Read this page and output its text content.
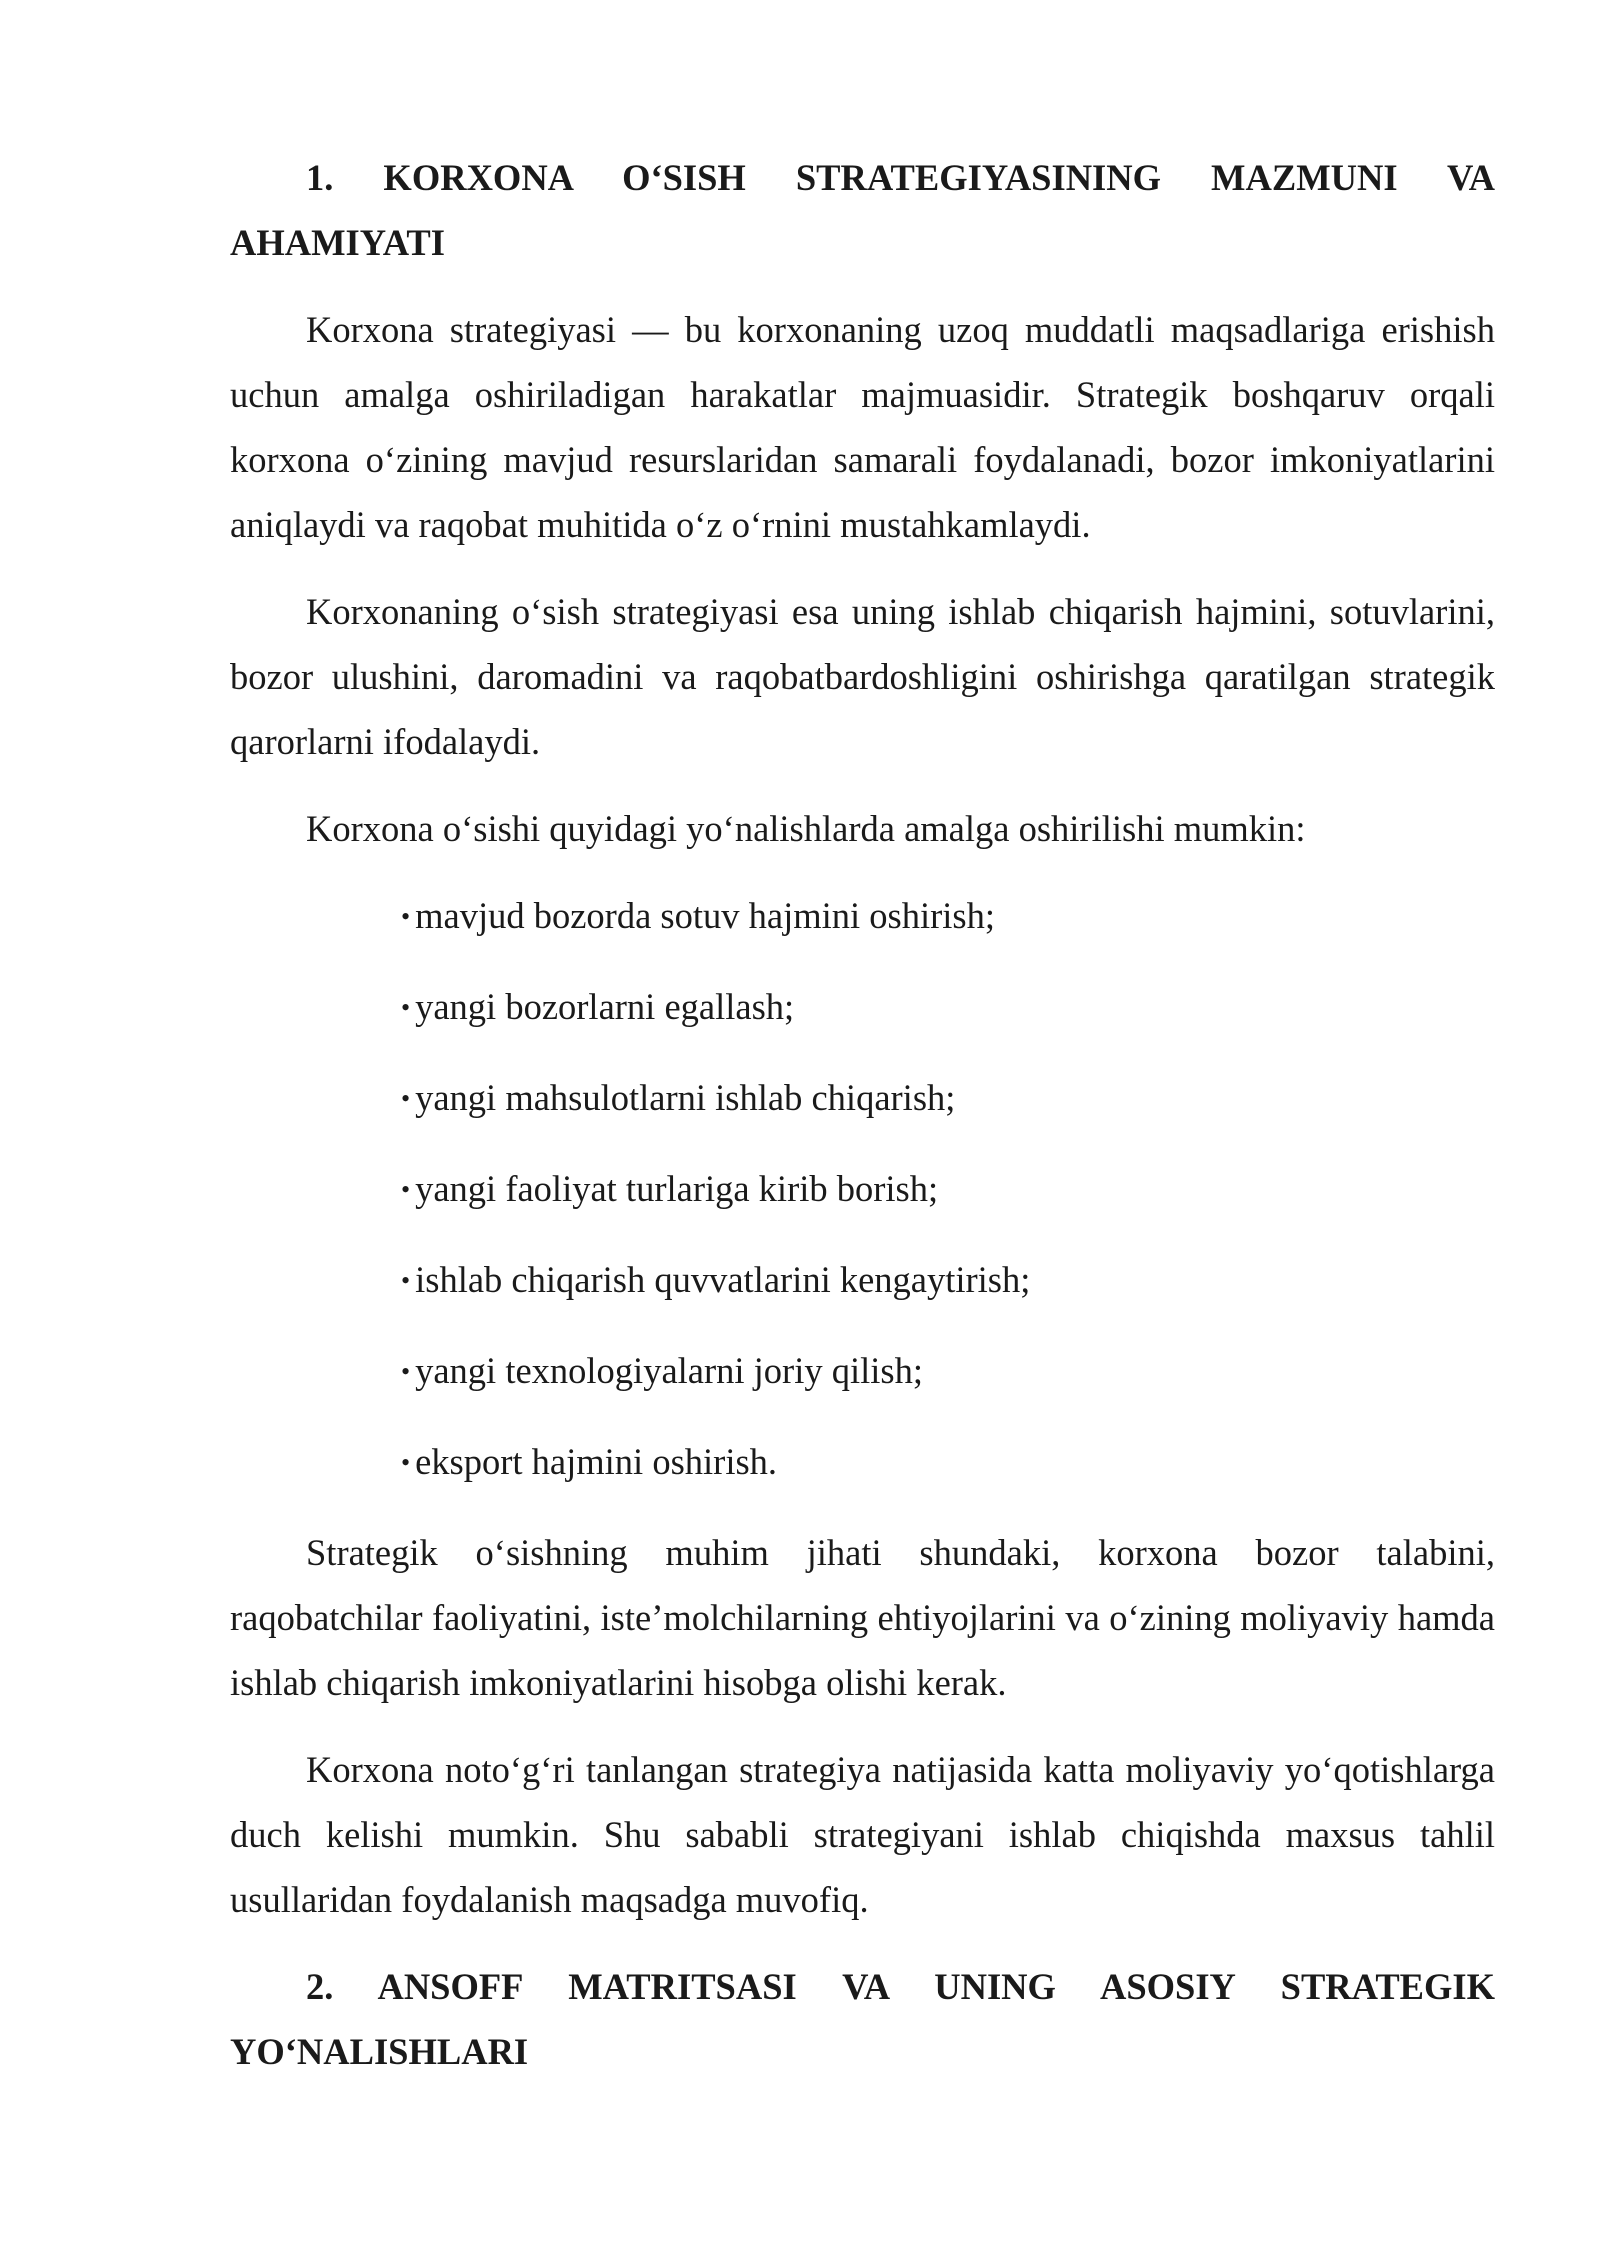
1. KORXONA O‘SISH STRATEGIYASINING MAZMUNI VA AHAMIYATI

Korxona strategiyasi — bu korxonaning uzoq muddatli maqsadlariga erishish uchun amalga oshiriladigan harakatlar majmuasidir. Strategik boshqaruv orqali korxona o‘zining mavjud resurslaridan samarali foydalanadi, bozor imkoniyatlarini aniqlaydi va raqobat muhitida o‘z o‘rnini mustahkamlaydi.

Korxonaning o‘sish strategiyasi esa uning ishlab chiqarish hajmini, sotuvlarini, bozor ulushini, daromadini va raqobatbardoshligini oshirishga qaratilgan strategik qarorlarni ifodalaydi.

Korxona o‘sishi quyidagi yo‘nalishlarda amalga oshirilishi mumkin:

• mavjud bozorda sotuv hajmini oshirish;
• yangi bozorlarni egallash;
• yangi mahsulotlarni ishlab chiqarish;
• yangi faoliyat turlariga kirib borish;
• ishlab chiqarish quvvatlarini kengaytirish;
• yangi texnologiyalarni joriy qilish;
• eksport hajmini oshirish.

Strategik o‘sishning muhim jihati shundaki, korxona bozor talabini, raqobatchilar faoliyatini, iste’molchilarning ehtiyojlarini va o‘zining moliyaviy hamda ishlab chiqarish imkoniyatlarini hisobga olishi kerak.

Korxona noto‘g‘ri tanlangan strategiya natijasida katta moliyaviy yo‘qotishlarga duch kelishi mumkin. Shu sababli strategiyani ishlab chiqishda maxsus tahlil usullaridan foydalanish maqsadga muvofiq.

2. ANSOFF MATRITSASI VA UNING ASOSIY STRATEGIK YO‘NALISHLARI
